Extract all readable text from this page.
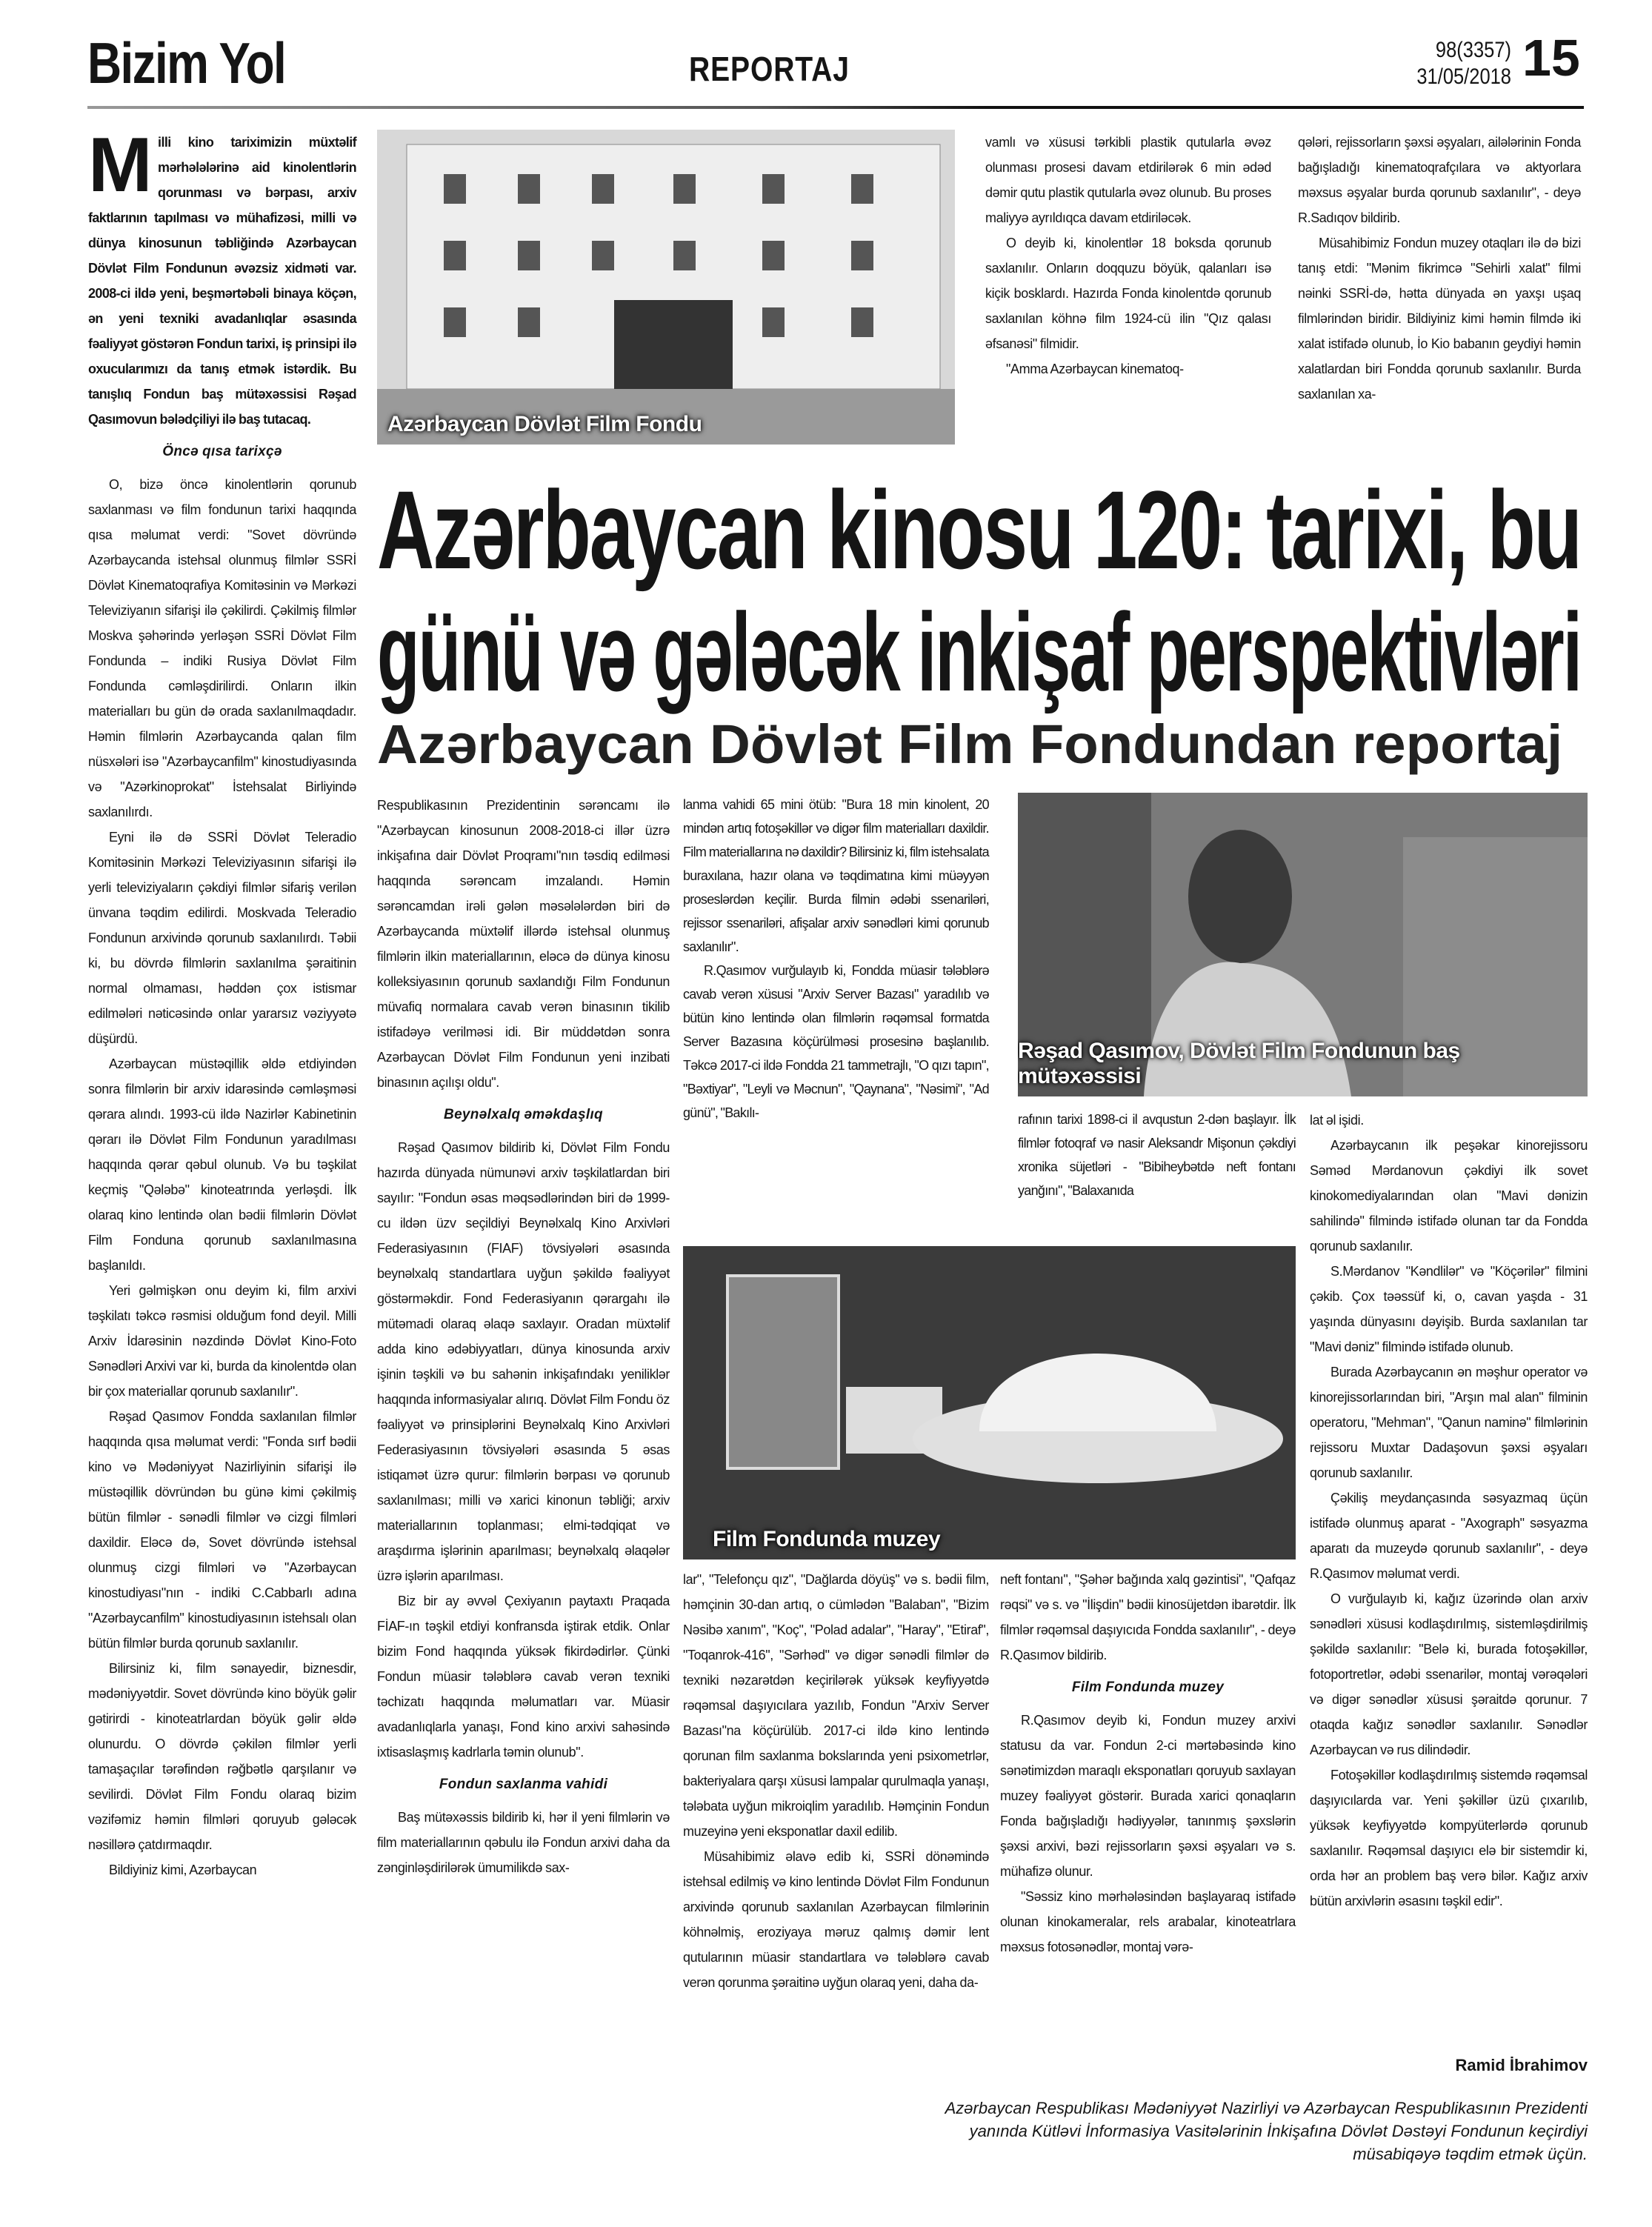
Bizim Yol	REPORTAJ	98(3357)
31/05/2018 15
M illi kino tariximizin müxtəlif mərhələlərinə aid kinolentlərin qorunması və bərpası, arxiv faktlarının tapılması və mühafizəsi, milli və dünya kinosunun təbliğində Azərbaycan Dövlət Film Fondunun əvəzsiz xidməti var. 2008-ci ildə yeni, beşmərtəbəli binaya köçən, ən yeni texniki avadanlıqlar əsasında fəaliyyət göstərən Fondun tarixi, iş prinsipi ilə oxucularımızı da tanış etmək istərdik. Bu tanışlıq Fondun baş mütəxəssisi Rəşad Qasımovun bələdçiliyi ilə baş tutacaq.
Öncə qısa tarixçə

O, bizə öncə kinolentlərin qorunub saxlanması və film fondunun tarixi haqqında qısa məlumat verdi: "Sovet dövründə Azərbaycanda istehsal olunmuş filmlər SSRİ Dövlət Kinematoqrafiya Komitəsinin və Mərkəzi Televiziyanın sifarişi ilə çəkilirdi. Çəkilmiş filmlər Moskva şəhərində yerləşən SSRİ Dövlət Film Fondunda – indiki Rusiya Dövlət Film Fondunda cəmləşdirilirdi. Onların ilkin materialları bu gün də orada saxlanılmaqdadır. Həmin filmlərin Azərbaycanda qalan film nüsxələri isə "Azərbaycanfilm" kinostudiyasında və "Azərkinoprokat" İstehsalat Birliyində saxlanılırdı.

Eyni ilə də SSRİ Dövlət Teleradio Komitəsinin Mərkəzi Televiziyasının sifarişi ilə yerli televiziyaların çəkdiyi filmlər sifariş verilən ünvana təqdim edilirdi. Moskvada Teleradio Fondunun arxivində qorunub saxlanılırdı. Təbii ki, bu dövrdə filmlərin saxlanılma şəraitinin normal olmaması, həddən çox istismar edilmələri nəticəsində onlar yararsız vəziyyətə düşürdü.

Azərbaycan müstəqillik əldə etdiyindən sonra filmlərin bir arxiv idarəsində cəmləşməsi qərara alındı. 1993-cü ildə Nazirlər Kabinetinin qərarı ilə Dövlət Film Fondunun yaradılması haqqında qərar qəbul olunub. Və bu təşkilat keçmiş "Qələbə" kinoteatrında yerləşdi. İlk olaraq kino lentində olan bədii filmlərin Dövlət Film Fonduna qorunub saxlanılmasına başlanıldı.

Yeri gəlmişkən onu deyim ki, film arxivi təşkilatı təkcə rəsmisi olduğum fond deyil. Milli Arxiv İdarəsinin nəzdində Dövlət Kino-Foto Sənədləri Arxivi var ki, burda da kinolentdə olan bir çox materiallar qorunub saxlanılır".

Rəşad Qasımov Fondda saxlanılan filmlər haqqında qısa məlumat verdi: "Fonda sırf bədii kino və Mədəniyyət Nazirliyinin sifarişi ilə müstəqillik dövründən bu günə kimi çəkilmiş bütün filmlər - sənədli filmlər və cizgi filmləri daxildir. Eləcə də, Sovet dövründə istehsal olunmuş cizgi filmləri və "Azərbaycan kinostudiyası"nın - indiki C.Cabbarlı adına "Azərbaycanfilm" kinostudiyasının istehsalı olan bütün filmlər burda qorunub saxlanılır.

Bilirsiniz ki, film sənayedir, biznesdir, mədəniyyətdir. Sovet dövründə kino böyük gəlir gətirirdi - kinoteatrlardan böyük gəlir əldə olunurdu. O dövrdə çəkilən filmlər yerli tamaşaçılar tərəfindən rəğbətlə qarşılanır və sevilirdi. Dövlət Film Fondu olaraq bizim vəzifəmiz həmin filmləri qoruyub gələcək nəsillərə çatdırmaqdır.

Bildiyiniz kimi, Azərbaycan

Azərbaycan Dövlət Film Fondu

vamlı və xüsusi tərkibli plastik qutularla əvəz olunması prosesi davam etdirilərək 6 min ədəd dəmir qutu plastik qutularla əvəz olunub. Bu proses maliyyə ayrıldıqca davam etdiriləcək.

O deyib ki, kinolentlər 18 boksda qorunub saxlanılır. Onların doqquzu böyük, qalanları isə kiçik bosklardı. Hazırda Fonda kinolentdə qorunub saxlanılan köhnə film 1924-cü ilin "Qız qalası əfsanəsi" filmidir.

"Amma Azərbaycan kinematoq-

qələri, rejissorların şəxsi əşyaları, ailələrinin Fonda bağışladığı kinematoqrafçılara və aktyorlara məxsus əşyalar burda qorunub saxlanılır", - deyə R.Sadıqov bildirib.

Müsahibimiz Fondun muzey otaqları ilə də bizi tanış etdi: "Mənim fikrimcə "Sehirli xalat" filmi nəinki SSRİ-də, hətta dünyada ən yaxşı uşaq filmlərindən biridir. Bildiyiniz kimi həmin filmdə iki xalat istifadə olunub, İo Kio babanın geydiyi həmin xalatlardan biri Fondda qorunub saxlanılır. Burda saxlanılan xa-

Azərbaycan kinosu 120: tarixi, bu
günü və gələcək inkişaf perspektivləri
Azərbaycan Dövlət Film Fondundan reportaj

Respublikasının Prezidentinin sərəncamı ilə "Azərbaycan kinosunun 2008-2018-ci illər üzrə inkişafına dair Dövlət Proqramı"nın təsdiq edilməsi haqqında sərəncam imzalandı. Həmin sərəncamdan irəli gələn məsələlərdən biri də Azərbaycanda müxtəlif illərdə istehsal olunmuş filmlərin ilkin materiallarının, eləcə də dünya kinosu kolleksiyasının qorunub saxlandığı Film Fondunun müvafiq normalara cavab verən binasının tikilib istifadəyə verilməsi idi. Bir müddətdən sonra Azərbaycan Dövlət Film Fondunun yeni inzibati binasının açılışı oldu".

Beynəlxalq əməkdaşlıq

Rəşad Qasımov bildirib ki, Dövlət Film Fondu hazırda dünyada nümunəvi arxiv təşkilatlardan biri sayılır: "Fondun əsas məqsədlərindən biri də 1999-cu ildən üzv seçildiyi Beynəlxalq Kino Arxivləri Federasiyasının (FIAF) tövsiyələri əsasında beynəlxalq standartlara uyğun şəkildə fəaliyyət göstərməkdir. Fond Federasiyanın qərargahı ilə mütəmadi olaraq əlaqə saxlayır. Oradan müxtəlif adda kino ədəbiyyatları, dünya kinosunda arxiv işinin təşkili və bu sahənin inkişafındakı yeniliklər haqqında informasiyalar alırıq. Dövlət Film Fondu öz fəaliyyət və prinsiplərini Beynəlxalq Kino Arxivləri Federasiyasının tövsiyələri əsasında 5 əsas istiqamət üzrə qurur: filmlərin bərpası və qorunub saxlanılması; milli və xarici kinonun təbliği; arxiv materiallarının toplanması; elmi-tədqiqat və araşdırma işlərinin aparılması; beynəlxalq əlaqələr üzrə işlərin aparılması.

Biz bir ay əvvəl Çexiyanın paytaxtı Praqada FİAF-ın təşkil etdiyi konfransda iştirak etdik. Onlar bizim Fond haqqında yüksək fikirdədirlər. Çünki Fondun müasir tələblərə cavab verən texniki təchizatı haqqında məlumatları var. Müasir avadanlıqlarla yanaşı, Fond kino arxivi sahəsində ixtisaslaşmış kadrlarla təmin olunub".

Fondun saxlanma vahidi

Baş mütəxəssis bildirib ki, hər il yeni filmlərin və film materiallarının qəbulu ilə Fondun arxivi daha da zənginləşdirilərək ümumilikdə sax-

lanma vahidi 65 mini ötüb: "Bura 18 min kinolent, 20 mindən artıq fotoşəkillər və digər film materialları daxildir. Film materiallarına nə daxildir? Bilirsiniz ki, film istehsalata buraxılana, hazır olana və təqdimatına kimi müəyyən proseslərdən keçilir. Burda filmin ədəbi ssenariləri, rejissor ssenariləri, afişalar arxiv sənədləri kimi qorunub saxlanılır".

R.Qasımov vurğulayıb ki, Fondda müasir tələblərə cavab verən xüsusi "Arxiv Server Bazası" yaradılıb və bütün kino lentində olan filmlərin rəqəmsal formatda Server Bazasına köçürülməsi prosesinə başlanılıb. Təkcə 2017-ci ildə Fondda 21 tammetrajlı, "O qızı tapın", "Bəxtiyar", "Leyli və Məcnun", "Qaynana", "Nəsimi", "Ad günü", "Bakılı-

Rəşad Qasımov, Dövlət Film Fondunun baş mütəxəssisi

rafının tarixi 1898-ci il avqustun 2-dən başlayır. İlk filmlər fotoqraf və nasir Aleksandr Mişonun çəkdiyi xronika süjetləri - "Bibiheybətdə neft fontanı yanğını", "Balaxanıda

Film Fondunda muzey

lat əl işidi.

Azərbaycanın ilk peşəkar kinorejissoru Səməd Mərdanovun çəkdiyi ilk sovet kinokomediyalarından olan "Mavi dənizin sahilində" filmində istifadə olunan tar da Fondda qorunub saxlanılır.

S.Mərdanov "Kəndlilər" və "Köçərilər" filmini çəkib. Çox təəssüf ki, o, cavan yaşda - 31 yaşında dünyasını dəyişib. Burda saxlanılan tar "Mavi dəniz" filmində istifadə olunub.

Burada Azərbaycanın ən məşhur operator və kinorejissorlarından biri, "Arşın mal alan" filminin operatoru, "Mehman", "Qanun naminə" filmlərinin rejissoru Muxtar Dadaşovun şəxsi əşyaları qorunub saxlanılır.

Çəkiliş meydançasında səsyazmaq üçün istifadə olunmuş aparat - "Axograph" səsyazma aparatı da muzeydə qorunub saxlanılır", - deyə R.Qasımov məlumat verdi.

O vurğulayıb ki, kağız üzərində olan arxiv sənədləri xüsusi kodlaşdırılmış, sistemləşdirilmiş şəkildə saxlanılır: "Belə ki, burada fotoşəkillər, fotoportretlər, ədəbi ssenarilər, montaj vərəqələri və digər sənədlər xüsusi şəraitdə qorunur. 7 otaqda kağız sənədlər saxlanılır. Sənədlər Azərbaycan və rus dilindədir.

Fotoşəkillər kodlaşdırılmış sistemdə rəqəmsal daşıyıcılarda var. Yeni şəkillər üzü çıxarılıb, yüksək keyfiyyətdə kompyüterlərdə qorunub saxlanılır. Rəqəmsal daşıyıcı elə bir sistemdir ki, orda hər an problem baş verə bilər. Kağız arxiv bütün arxivlərin əsasını təşkil edir".

lar", "Telefonçu qız", "Dağlarda döyüş" və s. bədii film, həmçinin 30-dan artıq, o cümlədən "Balaban", "Bizim Nəsibə xanım", "Koç", "Polad adalar", "Haray", "Etiraf", "Toqanrok-416", "Sərhəd" və digər sənədli filmlər də texniki nəzarətdən keçirilərək yüksək keyfiyyətdə rəqəmsal daşıyıcılara yazılıb, Fondun "Arxiv Server Bazası"na köçürülüb. 2017-ci ildə kino lentində qorunan film saxlanma bokslarında yeni psixometrlər, bakteriyalara qarşı xüsusi lampalar qurulmaqla yanaşı, tələbata uyğun mikroiqlim yaradılıb. Həmçinin Fondun muzeyinə yeni eksponatlar daxil edilib.

Müsahibimiz əlavə edib ki, SSRİ dönəmində istehsal edilmiş və kino lentində Dövlət Film Fondunun arxivində qorunub saxlanılan Azərbaycan filmlərinin köhnəlmiş, eroziyaya məruz qalmış dəmir lent qutularının müasir standartlara və tələblərə cavab verən qorunma şəraitinə uyğun olaraq yeni, daha da-

neft fontanı", "Şəhər bağında xalq gəzintisi", "Qafqaz rəqsi" və s. və "İlişdin" bədii kinosüjetdən ibarətdir. İlk filmlər rəqəmsal daşıyıcıda Fondda saxlanılır", - deyə R.Qasımov bildirib.

Film Fondunda muzey

R.Qasımov deyib ki, Fondun muzey arxivi statusu da var. Fondun 2-ci mərtəbəsində kino sənətimizdən maraqlı eksponatları qoruyub saxlayan muzey fəaliyyət göstərir. Burada xarici qonaqların Fonda bağışladığı hədiyyələr, tanınmış şəxslərin şəxsi arxivi, bəzi rejissorların şəxsi əşyaları və s. mühafizə olunur.

"Səssiz kino mərhələsindən başlayaraq istifadə olunan kinokameralar, rels arabalar, kinoteatrlara məxsus fotosənədlər, montaj vərə-

Ramid İbrahimov
Azərbaycan Respublikası Mədəniyyət Nazirliyi və Azərbaycan Respublikasının Prezidenti yanında Kütləvi İnformasiya Vasitələrinin İnkişafına Dövlət Dəstəyi Fondunun keçirdiyi müsabiqəyə təqdim etmək üçün.
